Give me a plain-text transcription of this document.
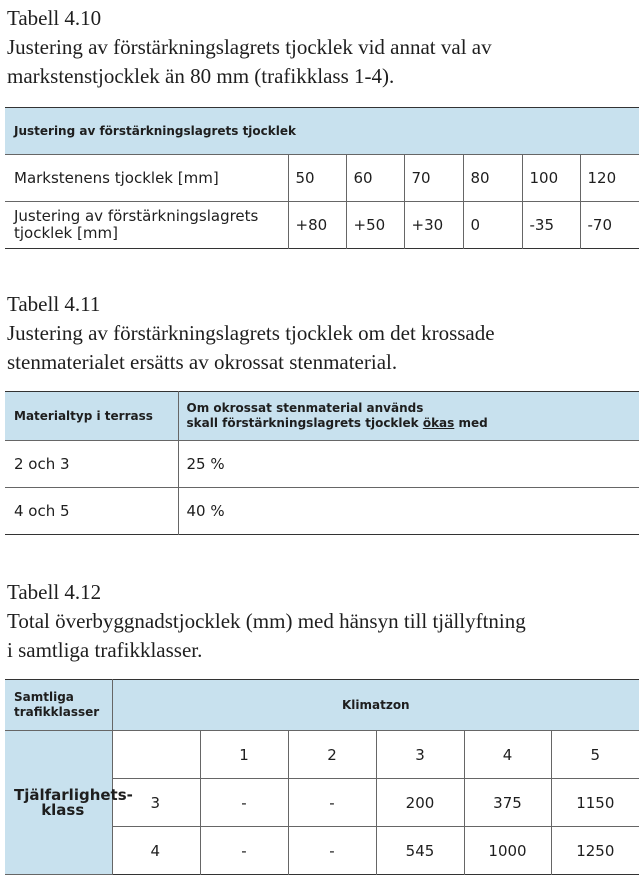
Tabell 4.10
Justering av förstärkningslagrets tjocklek vid annat val av
markstenstjocklek än 80 mm (trafikklass 1-4).
Justering av förstärkningslagrets tjocklek						
Markstenens tjocklek [mm]	50	60	70	80	100	120

Justering av förstärkningslagrets
tjocklek [mm]	+80	+50	+30	0	-35	-70
Tabell 4.11
Justering av förstärkningslagrets tjocklek om det krossade
stenmaterialet ersätts av okrossat stenmaterial.
Materialtyp i terrass	Om okrossat stenmaterial används
skall förstärkningslagrets tjocklek ökas med

2 och 3	25 %
4 och 5	40 %
Tabell 4.12
Total överbyggnadstjocklek (mm) med hänsyn till tjällyftning
i samtliga trafikklasser.
Samtliga
trafikklasser	Klimatzon					

Tjälfarlighets-
klass		1	2	3	4	5
	3	-	-	200	375	1150
	4	-	-	545	1000	1250
